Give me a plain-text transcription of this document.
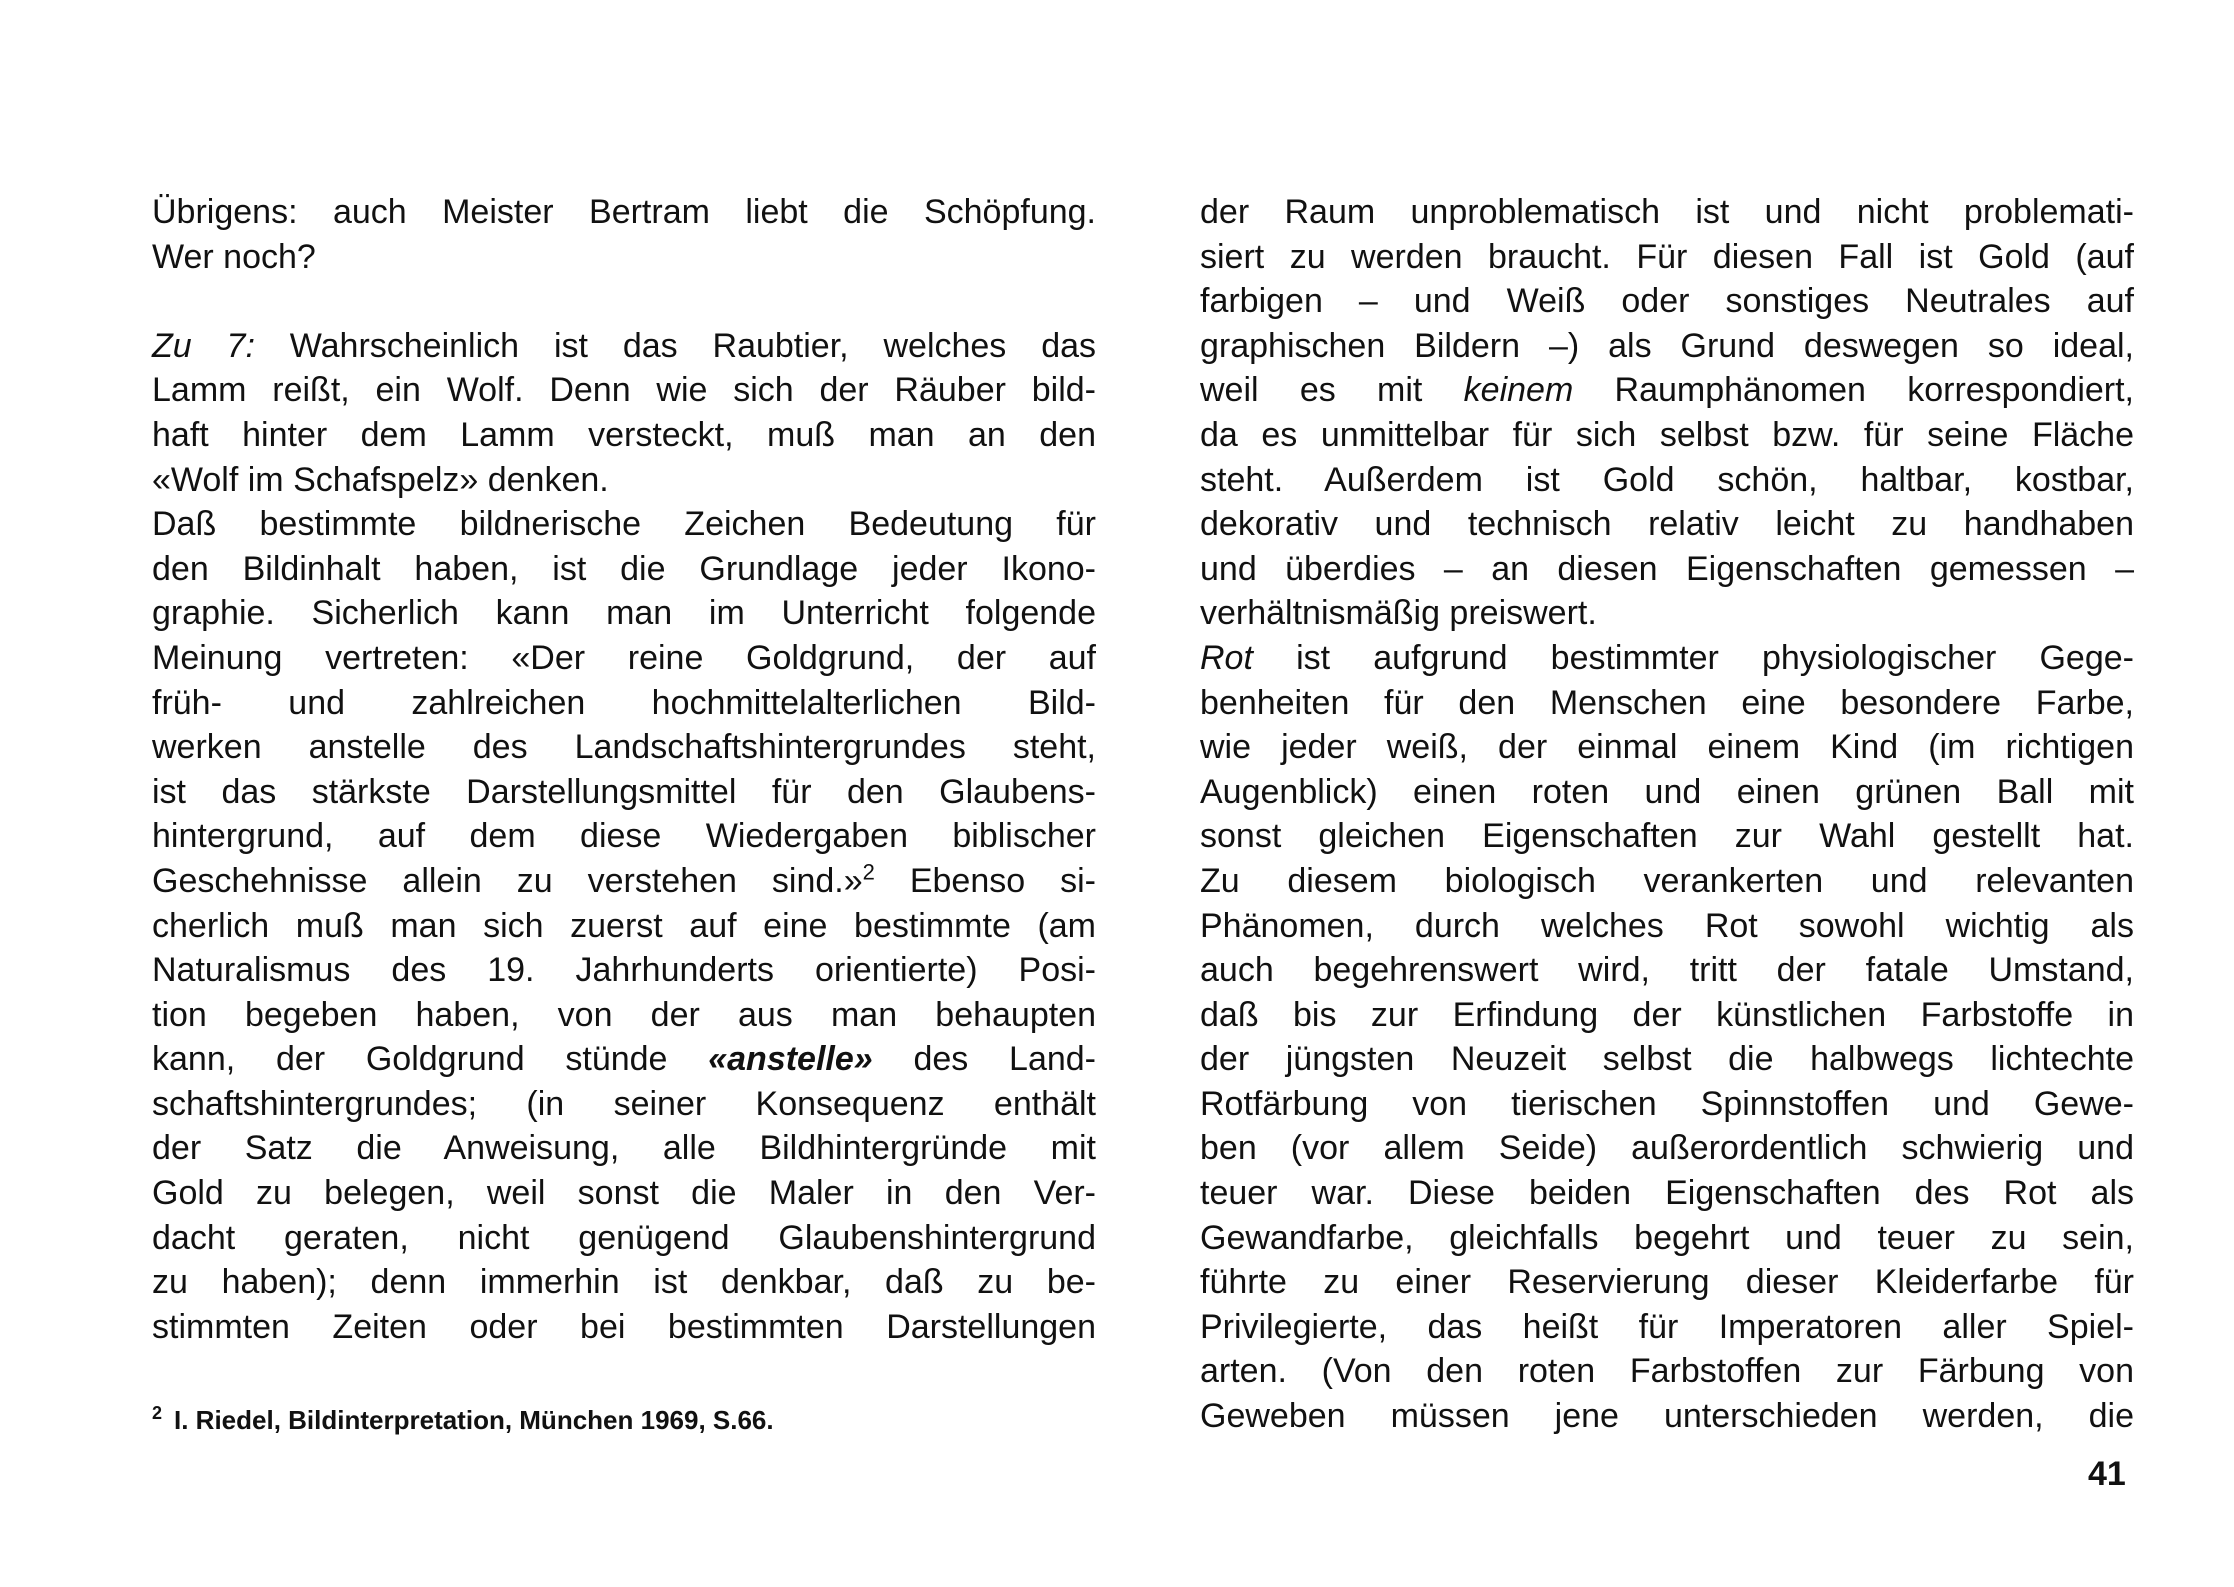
Übrigens: auch Meister Bertram liebt die Schöpfung.
Wer noch?
Zu 7: Wahrscheinlich ist das Raubtier, welches das
Lamm reißt, ein Wolf. Denn wie sich der Räuber bild-
haft hinter dem Lamm versteckt, muß man an den
«Wolf im Schafspelz» denken.
Daß bestimmte bildnerische Zeichen Bedeutung für
den Bildinhalt haben, ist die Grundlage jeder Ikono-
graphie. Sicherlich kann man im Unterricht folgende
Meinung vertreten: «Der reine Goldgrund, der auf
früh- und zahlreichen hochmittelalterlichen Bild-
werken anstelle des Landschaftshintergrundes steht,
ist das stärkste Darstellungsmittel für den Glaubens-
hintergrund, auf dem diese Wiedergaben biblischer
Geschehnisse allein zu verstehen sind.»$^2$ Ebenso si-
cherlich muß man sich zuerst auf eine bestimmte (am
Naturalismus des 19. Jahrhunderts orientierte) Posi-
tion begeben haben, von der aus man behaupten
kann, der Goldgrund stünde «anstelle» des Land-
schaftshintergrundes; (in seiner Konsequenz enthält
der Satz die Anweisung, alle Bildhintergründe mit
Gold zu belegen, weil sonst die Maler in den Ver-
dacht geraten, nicht genügend Glaubenshintergrund
zu haben); denn immerhin ist denkbar, daß zu be-
stimmten Zeiten oder bei bestimmten Darstellungen
der Raum unproblematisch ist und nicht problemati-
siert zu werden braucht. Für diesen Fall ist Gold (auf
farbigen – und Weiß oder sonstiges Neutrales auf
graphischen Bildern –) als Grund deswegen so ideal,
weil es mit keinem Raumphänomen korrespondiert,
da es unmittelbar für sich selbst bzw. für seine Fläche
steht. Außerdem ist Gold schön, haltbar, kostbar,
dekorativ und technisch relativ leicht zu handhaben
und überdies – an diesen Eigenschaften gemessen –
verhältnismäßig preiswert.
Rot ist aufgrund bestimmter physiologischer Gege-
benheiten für den Menschen eine besondere Farbe,
wie jeder weiß, der einmal einem Kind (im richtigen
Augenblick) einen roten und einen grünen Ball mit
sonst gleichen Eigenschaften zur Wahl gestellt hat.
Zu diesem biologisch verankerten und relevanten
Phänomen, durch welches Rot sowohl wichtig als
auch begehrenswert wird, tritt der fatale Umstand,
daß bis zur Erfindung der künstlichen Farbstoffe in
der jüngsten Neuzeit selbst die halbwegs lichtechte
Rotfärbung von tierischen Spinnstoffen und Gewe-
ben (vor allem Seide) außerordentlich schwierig und
teuer war. Diese beiden Eigenschaften des Rot als
Gewandfarbe, gleichfalls begehrt und teuer zu sein,
führte zu einer Reservierung dieser Kleiderfarbe für
Privilegierte, das heißt für Imperatoren aller Spiel-
arten. (Von den roten Farbstoffen zur Färbung von
Geweben müssen jene unterschieden werden, die
$^2$ I. Riedel, Bildinterpretation, München 1969, S.66.
41
